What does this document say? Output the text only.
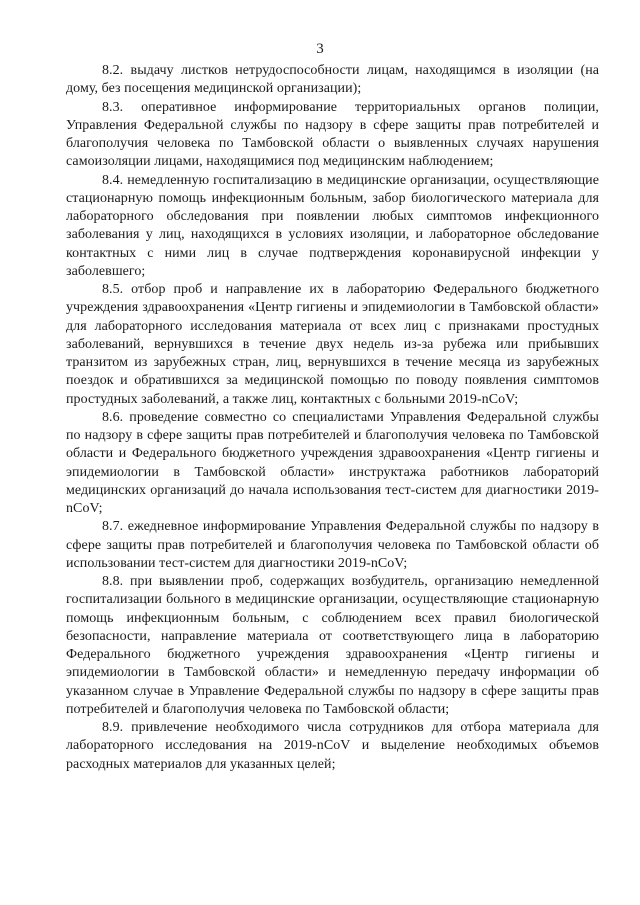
3

8.2. выдачу листков нетрудоспособности лицам, находящимся в изоляции (на дому, без посещения медицинской организации);

8.3. оперативное информирование территориальных органов полиции, Управления Федеральной службы по надзору в сфере защиты прав потребителей и благополучия человека по Тамбовской области о выявленных случаях нарушения самоизоляции лицами, находящимися под медицинским наблюдением;

8.4. немедленную госпитализацию в медицинские организации, осуществляющие стационарную помощь инфекционным больным, забор биологического материала для лабораторного обследования при появлении любых симптомов инфекционного заболевания у лиц, находящихся в условиях изоляции, и лабораторное обследование контактных с ними лиц в случае подтверждения коронавирусной инфекции у заболевшего;

8.5. отбор проб и направление их в лабораторию Федерального бюджетного учреждения здравоохранения «Центр гигиены и эпидемиологии в Тамбовской области» для лабораторного исследования материала от всех лиц с признаками простудных заболеваний, вернувшихся в течение двух недель из-за рубежа или прибывших транзитом из зарубежных стран, лиц, вернувшихся в течение месяца из зарубежных поездок и обратившихся за медицинской помощью по поводу появления симптомов простудных заболеваний, а также лиц, контактных с больными 2019-nCoV;

8.6. проведение совместно со специалистами Управления Федеральной службы по надзору в сфере защиты прав потребителей и благополучия человека по Тамбовской области и Федерального бюджетного учреждения здравоохранения «Центр гигиены и эпидемиологии в Тамбовской области» инструктажа работников лабораторий медицинских организаций до начала использования тест-систем для диагностики 2019-nCoV;

8.7. ежедневное информирование Управления Федеральной службы по надзору в сфере защиты прав потребителей и благополучия человека по Тамбовской области об использовании тест-систем для диагностики 2019-nCoV;

8.8. при выявлении проб, содержащих возбудитель, организацию немедленной госпитализации больного в медицинские организации, осуществляющие стационарную помощь инфекционным больным, с соблюдением всех правил биологической безопасности, направление материала от соответствующего лица в лабораторию Федерального бюджетного учреждения здравоохранения «Центр гигиены и эпидемиологии в Тамбовской области» и немедленную передачу информации об указанном случае в Управление Федеральной службы по надзору в сфере защиты прав потребителей и благополучия человека по Тамбовской области;

8.9. привлечение необходимого числа сотрудников для отбора материала для лабораторного исследования на 2019-nCoV и выделение необходимых объемов расходных материалов для указанных целей;
